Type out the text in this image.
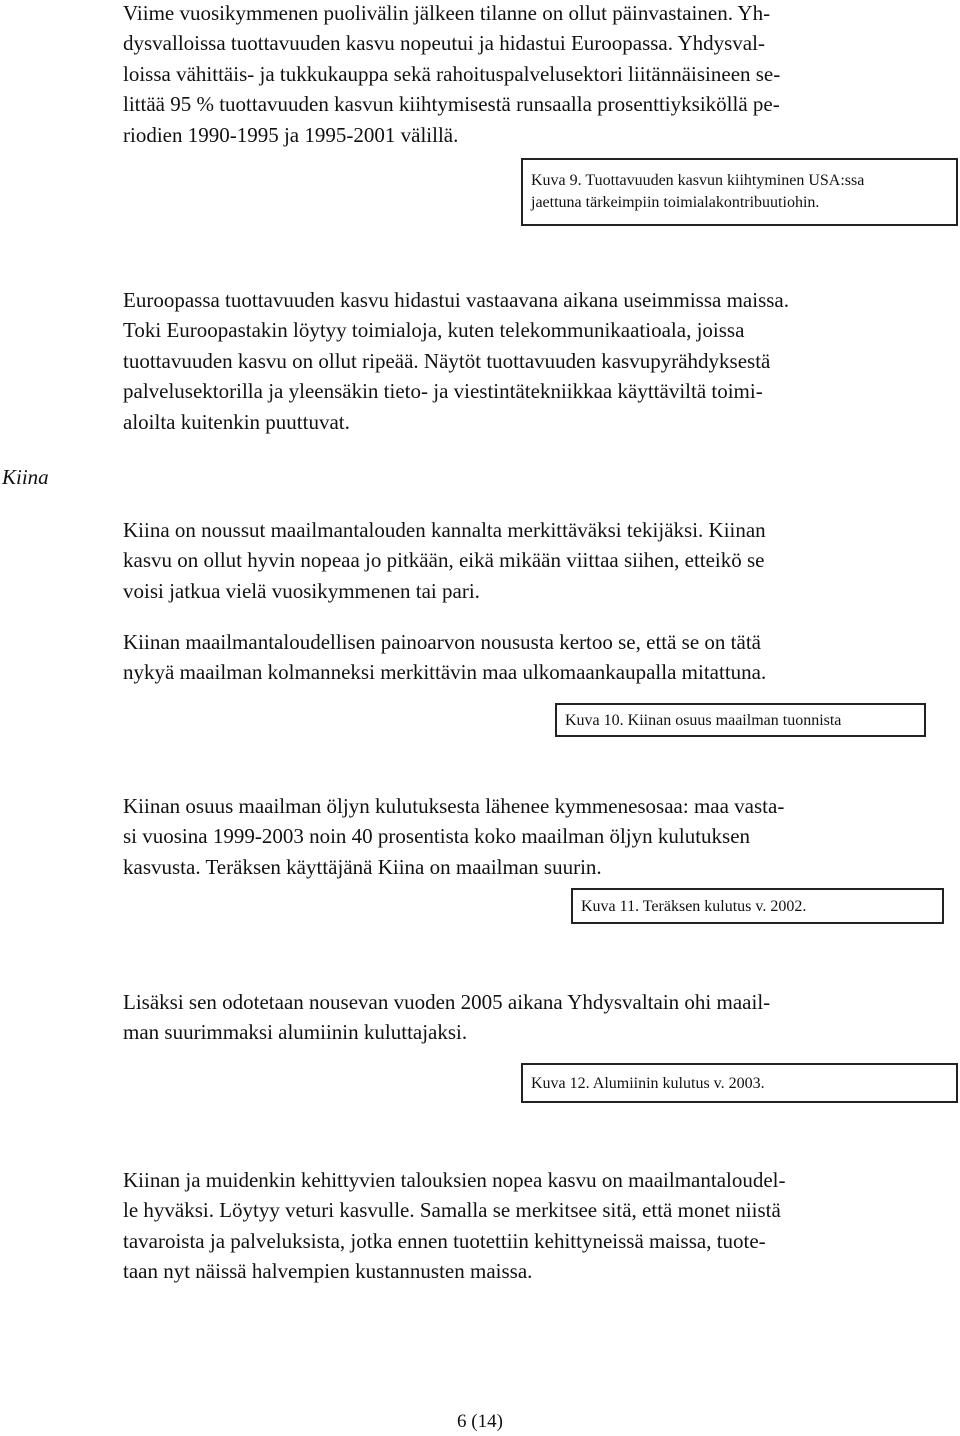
Viime vuosikymmenen puolivälin jälkeen tilanne on ollut päinvastainen. Yh-
dysvalloissa tuottavuuden kasvu nopeutui ja hidastui Euroopassa. Yhdysval-
loissa vähittäis- ja tukkukauppa sekä rahoituspalvelusektori liitännäisineen se-
littää 95 % tuottavuuden kasvun kiihtymisestä runsaalla prosenttiyksiköllä pe-
riodien 1990-1995 ja 1995-2001 välillä.
Kuva 9. Tuottavuuden kasvun kiihtyminen USA:ssa
jaettuna tärkeimpiin toimialakontribuutiohin.
Euroopassa tuottavuuden kasvu hidastui vastaavana aikana useimmissa maissa.
Toki Euroopastakin löytyy toimialoja, kuten telekommunikaatioala, joissa
tuottavuuden kasvu on ollut ripeää. Näytöt tuottavuuden kasvupyrähdyksestä
palvelusektorilla ja yleensäkin tieto- ja viestintätekniikkaa käyttäviltä toimi-
aloilta kuitenkin puuttuvat.
Kiina
Kiina on noussut maailmantalouden kannalta merkittäväksi tekijäksi. Kiinan
kasvu on ollut hyvin nopeaa jo pitkään, eikä mikään viittaa siihen, etteikö se
voisi jatkua vielä vuosikymmenen tai pari.
Kiinan maailmantaloudellisen painoarvon noususta kertoo se, että se on tätä
nykyä maailman kolmanneksi merkittävin maa ulkomaankaupalla mitattuna.
Kuva 10. Kiinan osuus maailman tuonnista
Kiinan osuus maailman öljyn kulutuksesta lähenee kymmenesosaa: maa vasta-
si vuosina 1999-2003 noin 40 prosentista koko maailman öljyn kulutuksen
kasvusta. Teräksen käyttäjänä Kiina on maailman suurin.
Kuva 11. Teräksen kulutus v. 2002.
Lisäksi sen odotetaan nousevan vuoden 2005 aikana Yhdysvaltain ohi maail-
man suurimmaksi alumiinin kuluttajaksi.
Kuva 12. Alumiinin kulutus v. 2003.
Kiinan ja muidenkin kehittyvien talouksien nopea kasvu on maailmantaloudel-
le hyväksi. Löytyy veturi kasvulle. Samalla se merkitsee sitä, että monet niistä
tavaroista ja palveluksista, jotka ennen tuotettiin kehittyneissä maissa, tuote-
taan nyt näissä halvempien kustannusten maissa.
6 (14)
